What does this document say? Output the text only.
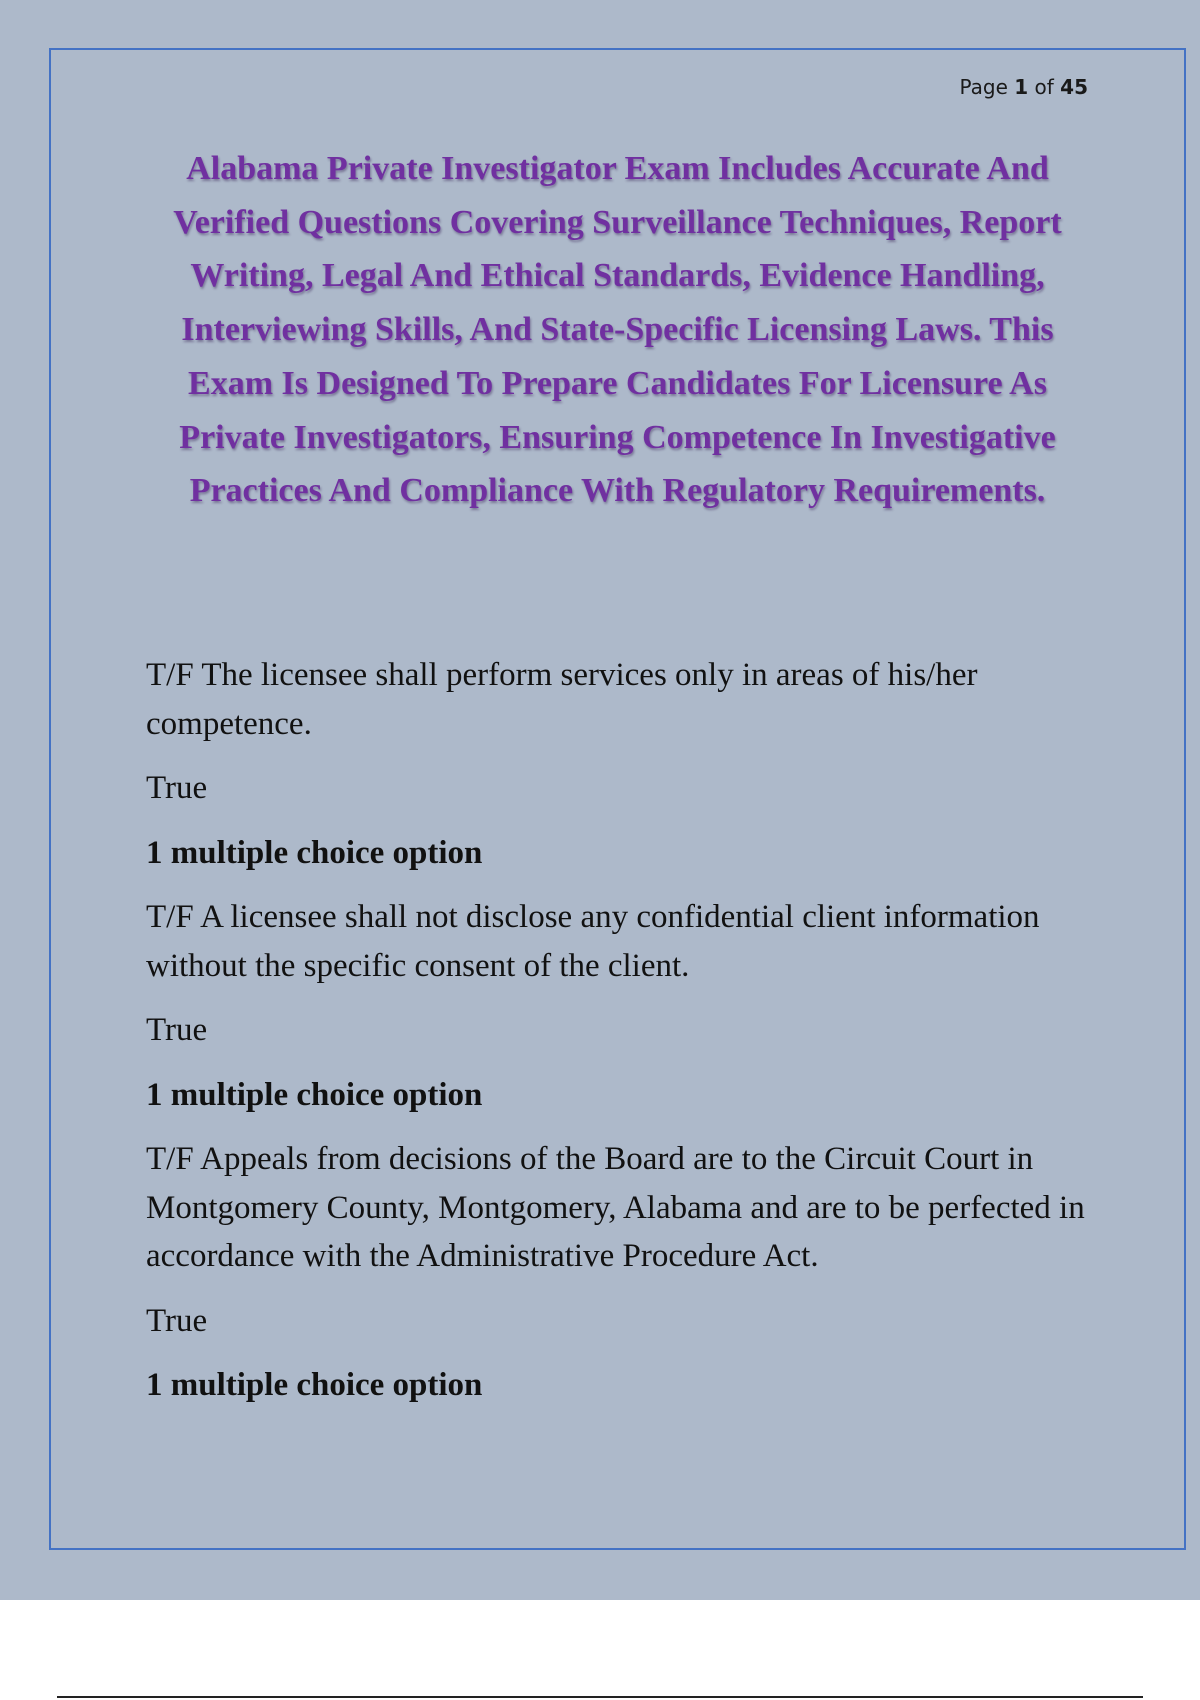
Page 1 of 45
Alabama Private Investigator Exam Includes Accurate And Verified Questions Covering Surveillance Techniques, Report Writing, Legal And Ethical Standards, Evidence Handling, Interviewing Skills, And State-Specific Licensing Laws. This Exam Is Designed To Prepare Candidates For Licensure As Private Investigators, Ensuring Competence In Investigative Practices And Compliance With Regulatory Requirements.

T/F The licensee shall perform services only in areas of his/her competence.

True

1 multiple choice option

T/F A licensee shall not disclose any confidential client information without the specific consent of the client.

True

1 multiple choice option

T/F Appeals from decisions of the Board are to the Circuit Court in Montgomery County, Montgomery, Alabama and are to be perfected in accordance with the Administrative Procedure Act.

True

1 multiple choice option
